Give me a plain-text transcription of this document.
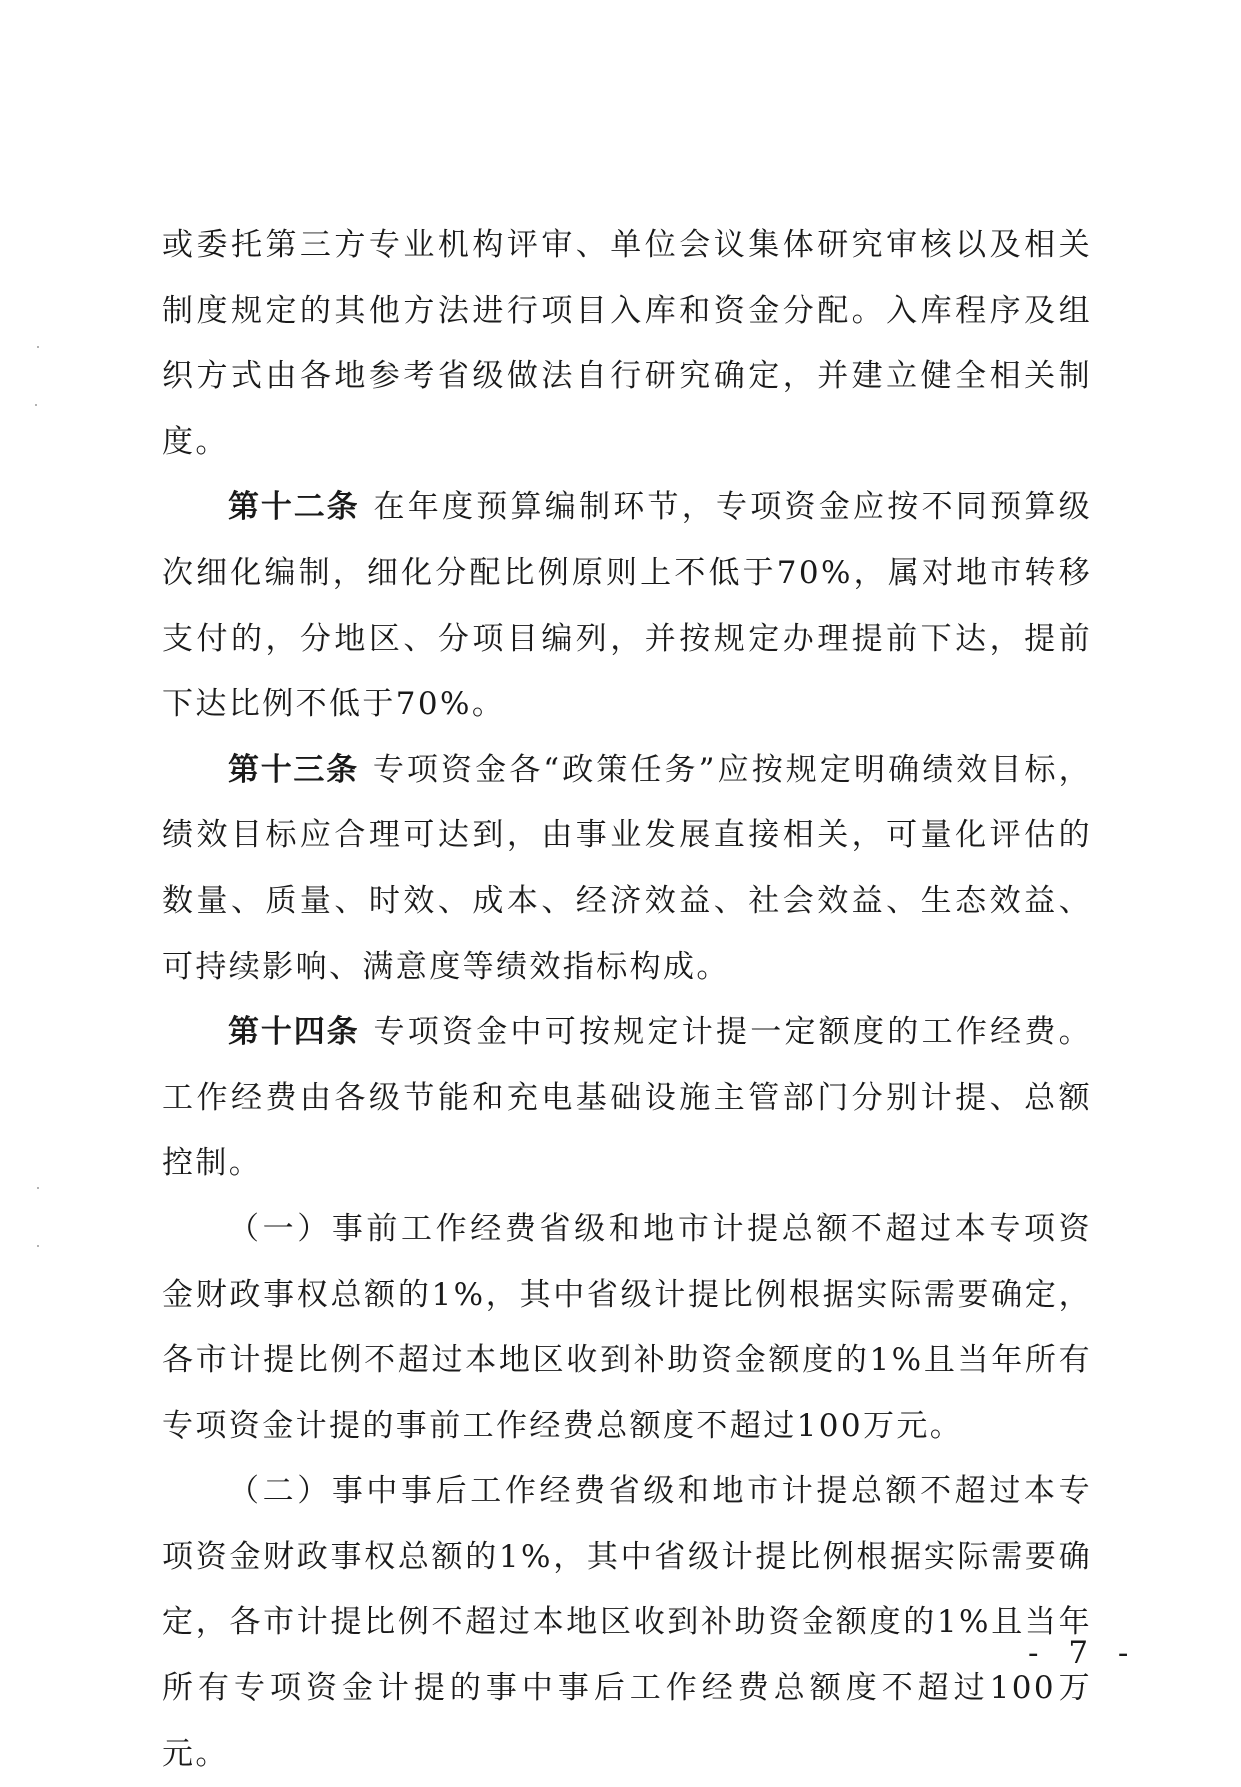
或委托第三方专业机构评审、单位会议集体研究审核以及相关制度规定的其他方法进行项目入库和资金分配。入库程序及组织方式由各地参考省级做法自行研究确定，并建立健全相关制度。

第十二条 在年度预算编制环节，专项资金应按不同预算级次细化编制，细化分配比例原则上不低于70%，属对地市转移支付的，分地区、分项目编列，并按规定办理提前下达，提前下达比例不低于70%。

第十三条 专项资金各“政策任务”应按规定明确绩效目标，绩效目标应合理可达到，由事业发展直接相关，可量化评估的数量、质量、时效、成本、经济效益、社会效益、生态效益、可持续影响、满意度等绩效指标构成。

第十四条 专项资金中可按规定计提一定额度的工作经费。工作经费由各级节能和充电基础设施主管部门分别计提、总额控制。

（一）事前工作经费省级和地市计提总额不超过本专项资金财政事权总额的1%，其中省级计提比例根据实际需要确定，各市计提比例不超过本地区收到补助资金额度的1%且当年所有专项资金计提的事前工作经费总额度不超过100万元。

（二）事中事后工作经费省级和地市计提总额不超过本专项资金财政事权总额的1%，其中省级计提比例根据实际需要确定，各市计提比例不超过本地区收到补助资金额度的1%且当年所有专项资金计提的事中事后工作经费总额度不超过100万元。

- 7 -
